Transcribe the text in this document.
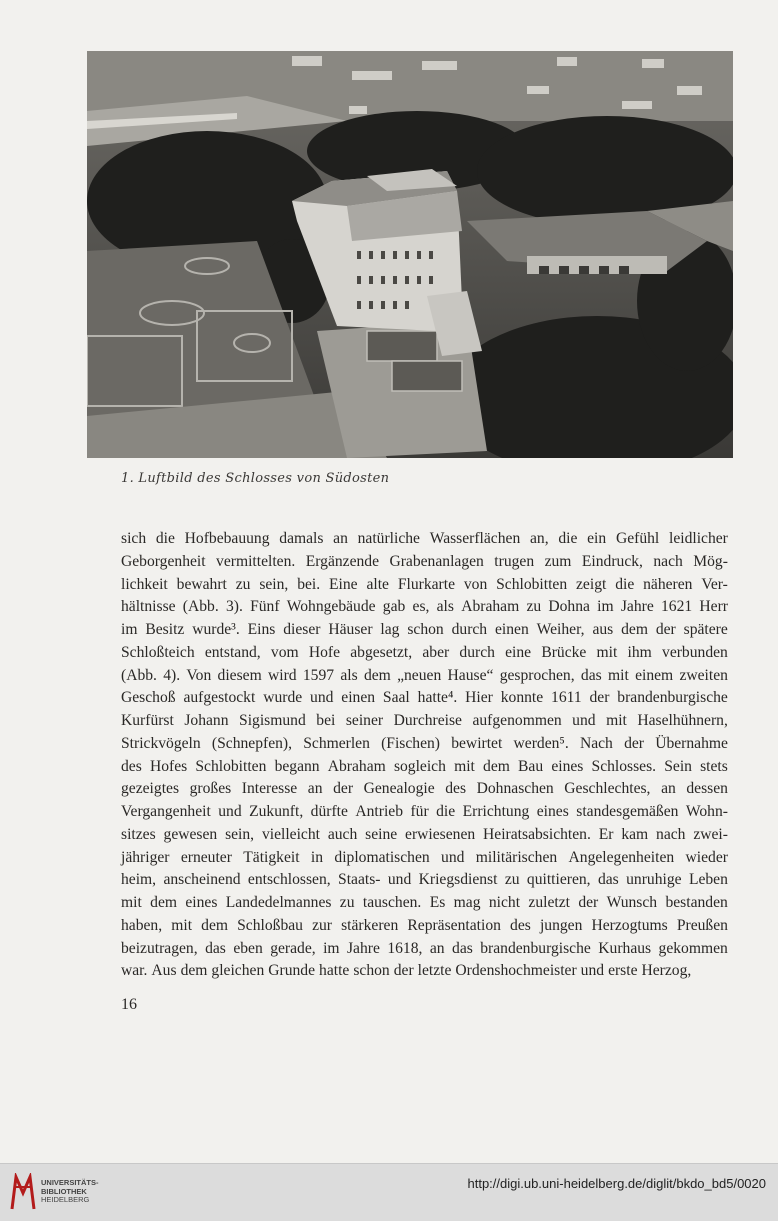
1. Luftbild des Schlosses von Südosten
sich die Hofbebauung damals an natürliche Wasserflächen an, die ein Gefühl leidlicher
Geborgenheit vermittelten. Ergänzende Grabenanlagen trugen zum Eindruck, nach Mög-
lichkeit bewahrt zu sein, bei. Eine alte Flurkarte von Schlobitten zeigt die näheren Ver-
hältnisse (Abb. 3). Fünf Wohngebäude gab es, als Abraham zu Dohna im Jahre 1621 Herr
im Besitz wurde³. Eins dieser Häuser lag schon durch einen Weiher, aus dem der spätere
Schloßteich entstand, vom Hofe abgesetzt, aber durch eine Brücke mit ihm verbunden
(Abb. 4). Von diesem wird 1597 als dem „neuen Hause“ gesprochen, das mit einem zweiten
Geschoß aufgestockt wurde und einen Saal hatte⁴. Hier konnte 1611 der brandenburgische
Kurfürst Johann Sigismund bei seiner Durchreise aufgenommen und mit Haselhühnern,
Strickvögeln (Schnepfen), Schmerlen (Fischen) bewirtet werden⁵. Nach der Übernahme
des Hofes Schlobitten begann Abraham sogleich mit dem Bau eines Schlosses. Sein stets
gezeigtes großes Interesse an der Genealogie des Dohnaschen Geschlechtes, an dessen
Vergangenheit und Zukunft, dürfte Antrieb für die Errichtung eines standesgemäßen Wohn-
sitzes gewesen sein, vielleicht auch seine erwiesenen Heiratsabsichten. Er kam nach zwei-
jähriger erneuter Tätigkeit in diplomatischen und militärischen Angelegenheiten wieder
heim, anscheinend entschlossen, Staats- und Kriegsdienst zu quittieren, das unruhige Leben
mit dem eines Landedelmannes zu tauschen. Es mag nicht zuletzt der Wunsch bestanden
haben, mit dem Schloßbau zur stärkeren Repräsentation des jungen Herzogtums Preußen
beizutragen, das eben gerade, im Jahre 1618, an das brandenburgische Kurhaus gekommen
war. Aus dem gleichen Grunde hatte schon der letzte Ordenshochmeister und erste Herzog,
16
UNIVERSITÄTS-
BIBLIOTHEK
HEIDELBERG
http://digi.ub.uni-heidelberg.de/diglit/bkdo_bd5/0020
